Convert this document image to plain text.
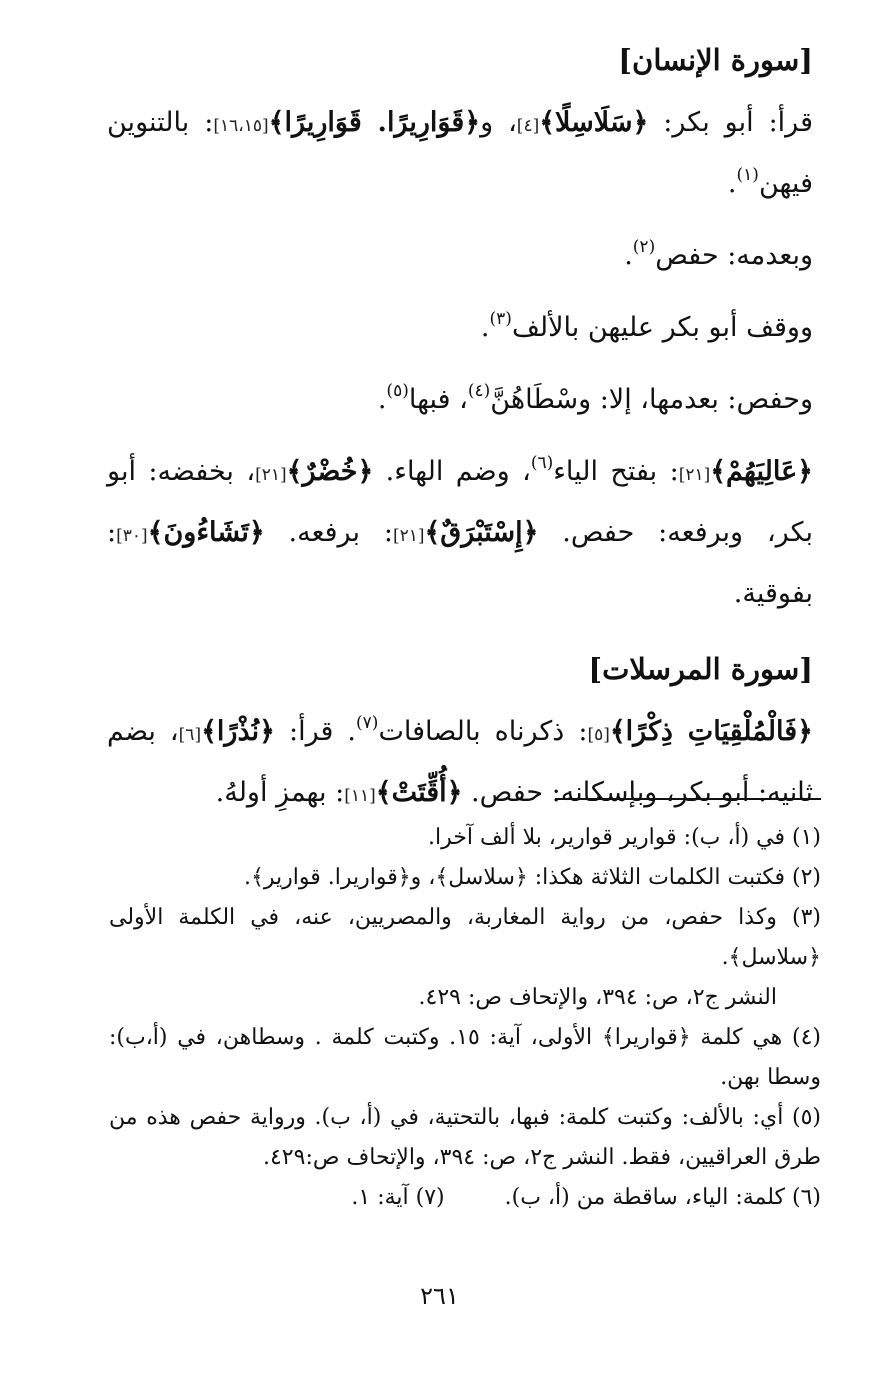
[سورة الإنسان]

قرأ: أبو بكر: ﴿سَلَاسِلًا﴾[٤]، و﴿قَوَارِيرًا. قَوَارِيرًا﴾[١٦،١٥]: بالتنوين فيهن$^{(١)}$.

وبعدمه: حفص$^{(٢)}$.

ووقف أبو بكر عليهن بالألف$^{(٣)}$.

وحفص: بعدمها، إلا: وسْطَاهُنَّ$^{(٤)}$، فبها$^{(٥)}$.

﴿عَالِيَهُمْ﴾[٢١]: بفتح الياء$^{(٦)}$، وضم الهاء. ﴿خُضْرٌ﴾[٢١]، بخفضه: أبو بكر، وبرفعه: حفص. ﴿إِسْتَبْرَقٌ﴾[٢١]: برفعه. ﴿تَشَاءُونَ﴾[٣٠]: بفوقية.

[سورة المرسلات]

﴿فَالْمُلْقِيَاتِ ذِكْرًا﴾[٥]: ذكرناه بالصافات$^{(٧)}$. قرأ: ﴿نُذْرًا﴾[٦]، بضم ثانيه: أبو بكر، وبإسكانه: حفص. ﴿أُقِّتَتْ﴾[١١]: بهمزِ أولهُ.

(١) في (أ، ب): قوارير قوارير، بلا ألف آخرا.

(٢) فكتبت الكلمات الثلاثة هكذا: ﴿سلاسل﴾، و﴿قواريرا. قوارير﴾.

(٣) وكذا حفص، من رواية المغاربة، والمصريين، عنه، في الكلمة الأولى ﴿سلاسل﴾.

النشر ج٢، ص: ٣٩٤، والإتحاف ص: ٤٢٩.

(٤) هي كلمة ﴿قواريرا﴾ الأولى، آية: ١٥. وكتبت كلمة . وسطاهن، في (أ،ب): وسطا بهن.

(٥) أي: بالألف: وكتبت كلمة: فبها، بالتحتية، في (أ، ب). ورواية حفص هذه من طرق العراقيين، فقط. النشر ج٢، ص: ٣٩٤، والإتحاف ص:٤٢٩.

(٦) كلمة: الياء، ساقطة من (أ، ب).(٧) آية: ١.

٢٦١
